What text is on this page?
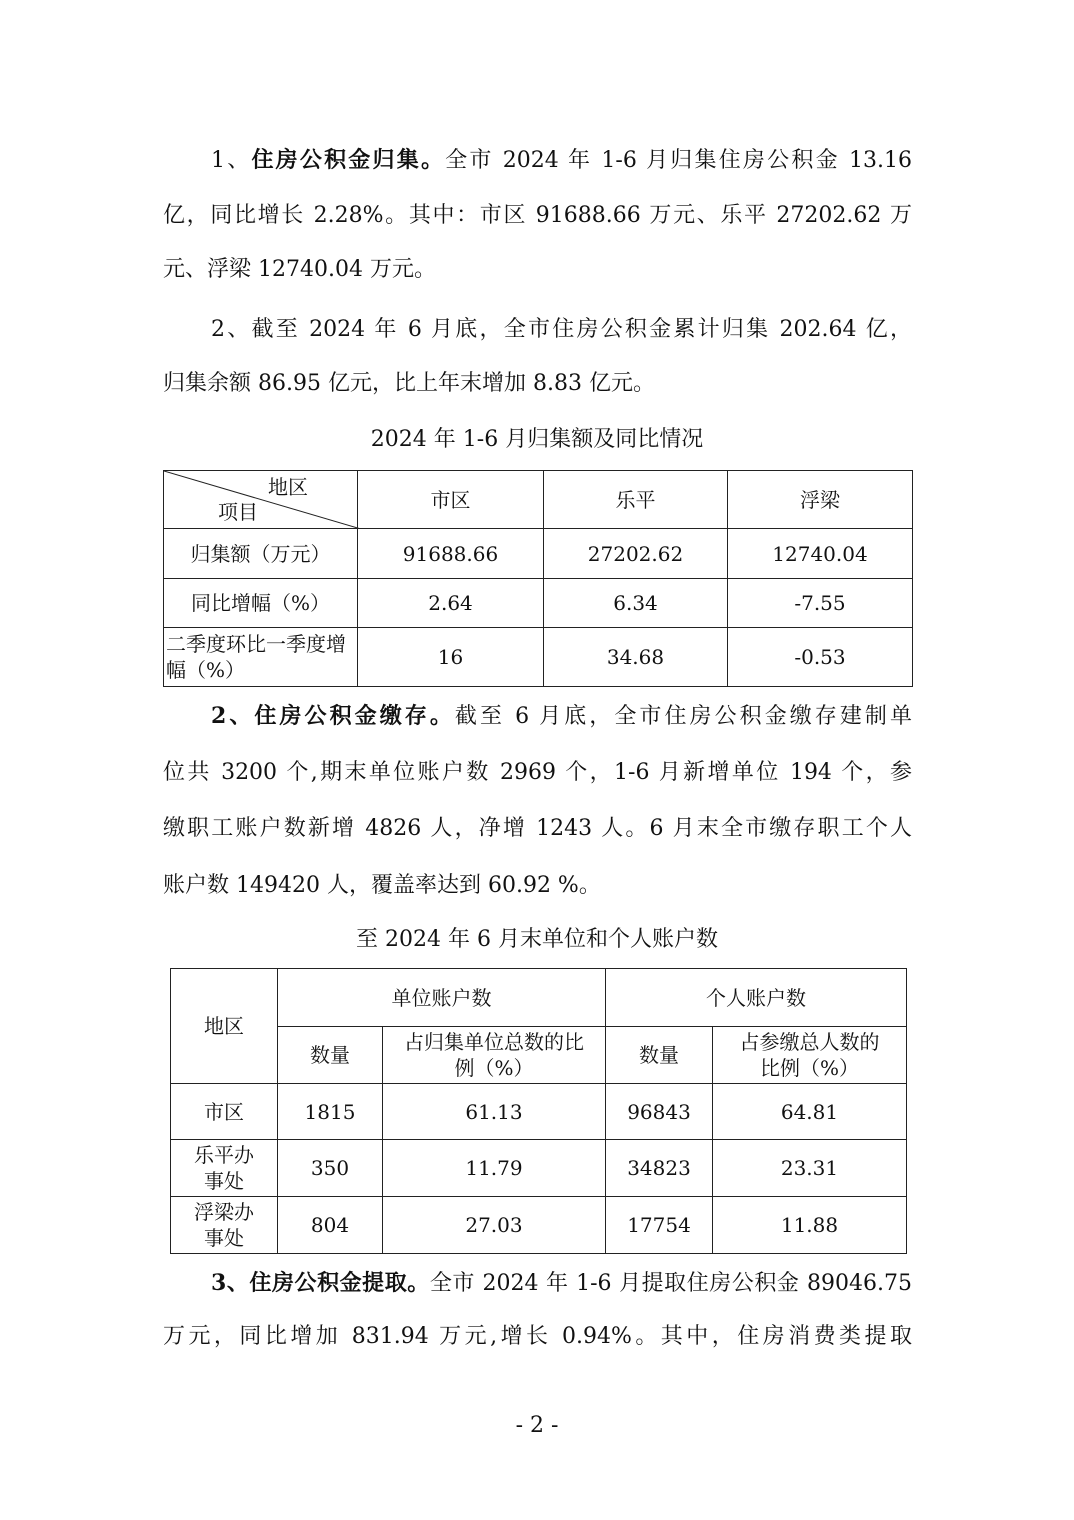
1、住房公积金归集。全市 2024 年 1-6 月归集住房公积金 13.16
亿，同比增长 2.28%。其中：市区 91688.66 万元、乐平 27202.62 万
元、浮梁 12740.04 万元。
2、截至 2024 年 6 月底，全市住房公积金累计归集 202.64 亿，
归集余额 86.95 亿元，比上年末增加 8.83 亿元。
2024 年 1-6 月归集额及同比情况
地区
项目	市区	乐平	浮梁
归集额（万元）	91688.66	27202.62	12740.04
同比增幅（%）	2.64	6.34	-7.55
二季度环比一季度增幅（%）	16	34.68	-0.53
2、住房公积金缴存。截至 6 月底，全市住房公积金缴存建制单
位共 3200 个,期末单位账户数 2969 个，1-6 月新增单位 194 个，参
缴职工账户数新增 4826 人，净增 1243 人。6 月末全市缴存职工个人
账户数 149420 人，覆盖率达到 60.92 %。
至 2024 年 6 月末单位和个人账户数
地区	单位账户数		个人账户数	
	数量	占归集单位总数的比例（%）	数量	占参缴总人数的比例（%）
市区	1815	61.13	96843	64.81
乐平办事处	350	11.79	34823	23.31
浮梁办事处	804	27.03	17754	11.88
3、住房公积金提取。全市 2024 年 1-6 月提取住房公积金 89046.75
万元，同比增加 831.94 万元,增长 0.94%。其中，住房消费类提取
- 2 -
